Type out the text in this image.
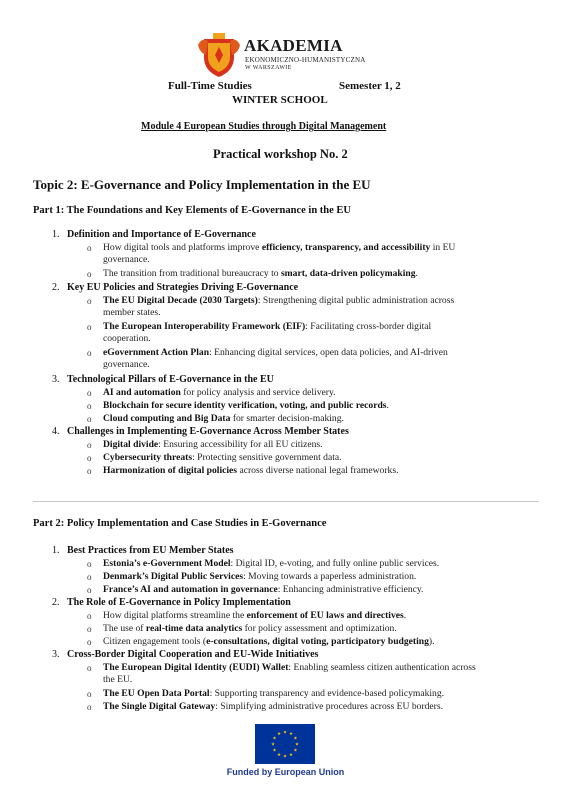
AKADEMIA
EKONOMICZNO-HUMANISTYCZNA
W WARSZAWIE
Full-Time Studies	Semester 1, 2
WINTER SCHOOL
Module 4 European Studies through Digital Management
Practical workshop No. 2
Topic 2: E-Governance and Policy Implementation in the EU
Part 1: The Foundations and Key Elements of E-Governance in the EU
1. Definition and Importance of E-Governance
o How digital tools and platforms improve efficiency, transparency, and accessibility in EU
governance.
o The transition from traditional bureaucracy to smart, data-driven policymaking.
2. Key EU Policies and Strategies Driving E-Governance
o The EU Digital Decade (2030 Targets): Strengthening digital public administration across
member states.
o The European Interoperability Framework (EIF): Facilitating cross-border digital
cooperation.
o eGovernment Action Plan: Enhancing digital services, open data policies, and AI-driven
governance.
3. Technological Pillars of E-Governance in the EU
o AI and automation for policy analysis and service delivery.
o Blockchain for secure identity verification, voting, and public records.
o Cloud computing and Big Data for smarter decision-making.
4. Challenges in Implementing E-Governance Across Member States
o Digital divide: Ensuring accessibility for all EU citizens.
o Cybersecurity threats: Protecting sensitive government data.
o Harmonization of digital policies across diverse national legal frameworks.
Part 2: Policy Implementation and Case Studies in E-Governance
1. Best Practices from EU Member States
o Estonia’s e-Government Model: Digital ID, e-voting, and fully online public services.
o Denmark’s Digital Public Services: Moving towards a paperless administration.
o France’s AI and automation in governance: Enhancing administrative efficiency.
2. The Role of E-Governance in Policy Implementation
o How digital platforms streamline the enforcement of EU laws and directives.
o The use of real-time data analytics for policy assessment and optimization.
o Citizen engagement tools (e-consultations, digital voting, participatory budgeting).
3. Cross-Border Digital Cooperation and EU-Wide Initiatives
o The European Digital Identity (EUDI) Wallet: Enabling seamless citizen authentication across
the EU.
o The EU Open Data Portal: Supporting transparency and evidence-based policymaking.
o The Single Digital Gateway: Simplifying administrative procedures across EU borders.
★ ★
★
★
★
★
★
★
★
★
★
★
Funded by European Union
